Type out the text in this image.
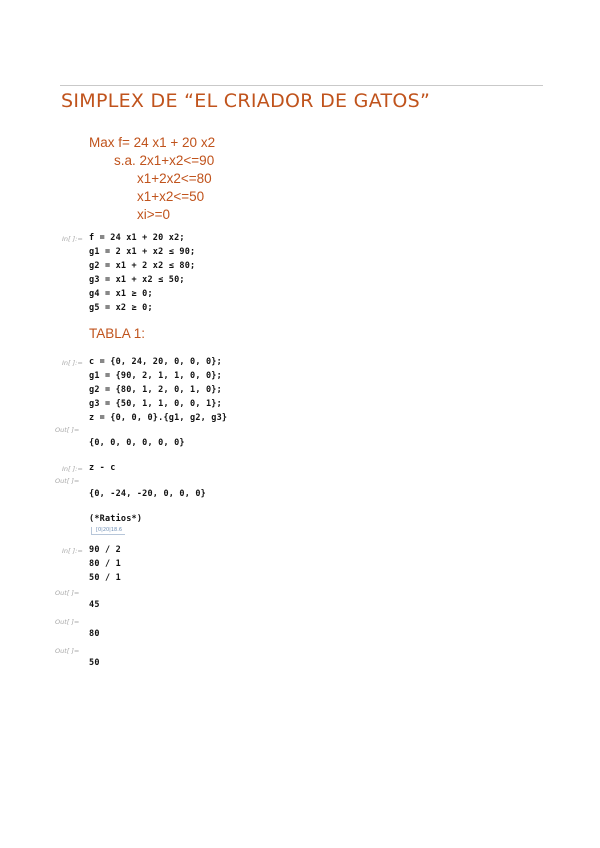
SIMPLEX DE “EL CRIADOR DE GATOS”
Max f= 24 x1 + 20 x2
s.a. 2x1+x2<=90
x1+2x2<=80
x1+x2<=50
xi>=0
In[ ]:= f = 24 x1 + 20 x2;
g1 = 2 x1 + x2 ≤ 90;
g2 = x1 + 2 x2 ≤ 80;
g3 = x1 + x2 ≤ 50;
g4 = x1 ≥ 0;
g5 = x2 ≥ 0;
TABLA 1:
In[ ]:= c = {0, 24, 20, 0, 0, 0};
g1 = {90, 2, 1, 1, 0, 0};
g2 = {80, 1, 2, 0, 1, 0};
g3 = {50, 1, 1, 0, 0, 1};
z = {0, 0, 0}.{g1, g2, g3}
Out[ ]=
{0, 0, 0, 0, 0, 0}
In[ ]:= z - c
Out[ ]=
{0, -24, -20, 0, 0, 0}
(*Ratios*)
[0|20|18.6
In[ ]:= 90 / 2
80 / 1
50 / 1
Out[ ]=
45
Out[ ]=
80
Out[ ]=
50
